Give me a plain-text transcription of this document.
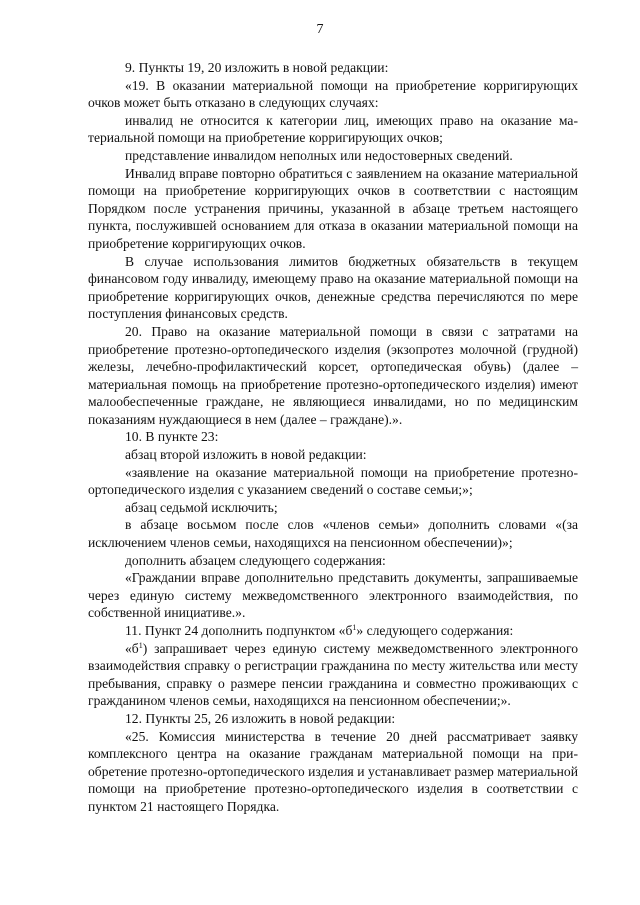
7

9. Пункты 19, 20 изложить в новой редакции:

«19. В оказании материальной помощи на приобретение корригирующих очков может быть отказано в следующих случаях:

инвалид не относится к категории лиц, имеющих право на оказание материальной помощи на приобретение корригирующих очков;

представление инвалидом неполных или недостоверных сведений.

Инвалид вправе повторно обратиться с заявлением на оказание материальной помощи на приобретение корригирующих очков в соответствии с настоящим Порядком после устранения причины, указанной в абзаце третьем настоящего пункта, послужившей основанием для отказа в оказании материальной помощи на приобретение корригирующих очков.

В случае использования лимитов бюджетных обязательств в текущем финансовом году инвалиду, имеющему право на оказание материальной помощи на приобретение корригирующих очков, денежные средства перечисляются по мере поступления финансовых средств.

20. Право на оказание материальной помощи в связи с затратами на приобретение протезно-ортопедического изделия (экзопротез молочной (грудной) железы, лечебно-профилактический корсет, ортопедическая обувь) (далее – материальная помощь на приобретение протезно-ортопедического изделия) имеют малообеспеченные граждане, не являющиеся инвалидами, но по медицинским показаниям нуждающиеся в нем (далее – граждане).».

10. В пункте 23:

абзац второй изложить в новой редакции:

«заявление на оказание материальной помощи на приобретение протезно-ортопедического изделия с указанием сведений о составе семьи;»;

абзац седьмой исключить;

в абзаце восьмом после слов «членов семьи» дополнить словами «(за исключением членов семьи, находящихся на пенсионном обеспечении)»;

дополнить абзацем следующего содержания:

«Граждании вправе дополнительно представить документы, запрашиваемые через единую систему межведомственного электронного взаимодействия, по собственной инициативе.».

11. Пункт 24 дополнить подпунктом «$б^1$» следующего содержания:

«$б^1$) запрашивает через единую систему межведомственного электронного взаимодействия справку о регистрации гражданина по месту жительства или месту пребывания, справку о размере пенсии гражданина и совместно проживающих с гражданином членов семьи, находящихся на пенсионном обеспечении;».

12. Пункты 25, 26 изложить в новой редакции:

«25. Комиссия министерства в течение 20 дней рассматривает заявку комплексного центра на оказание гражданам материальной помощи на приобретение протезно-ортопедического изделия и устанавливает размер материальной помощи на приобретение протезно-ортопедического изделия в соответствии с пунктом 21 настоящего Порядка.
